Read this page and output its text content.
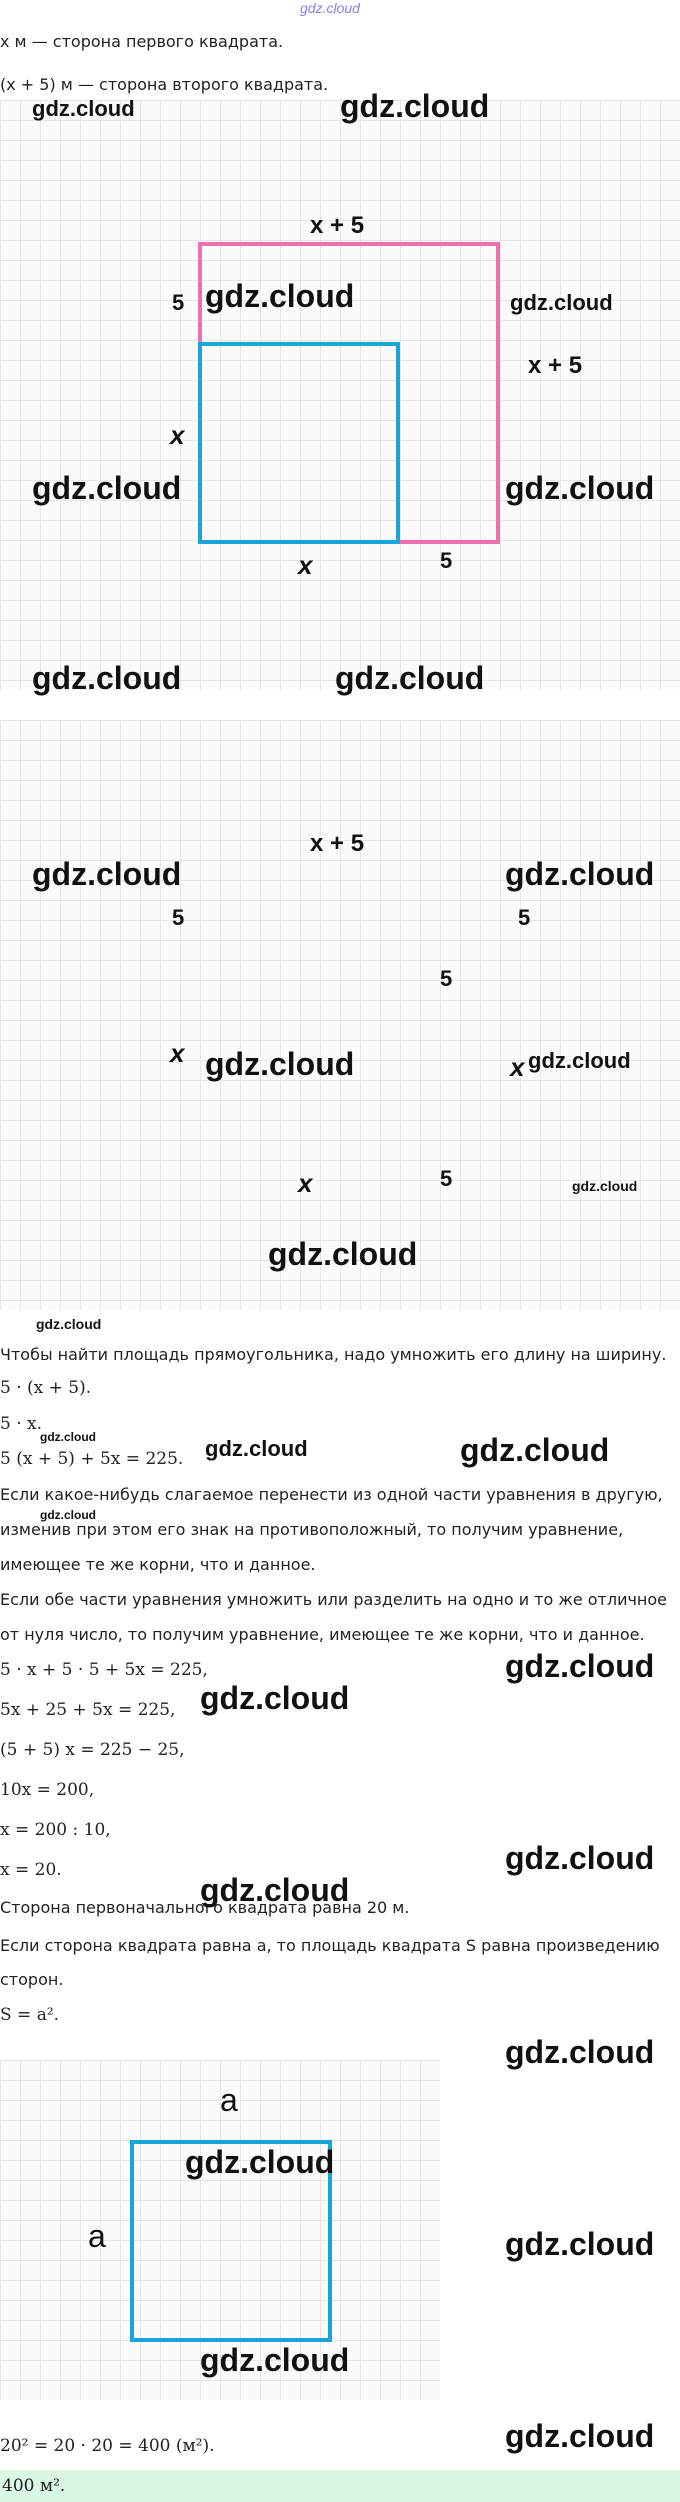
gdz.cloud
x м — сторона первого квадрата.
(x + 5) м — сторона второго квадрата.
x + 5
x + 5
5
x
x	5
x + 5
5	5
5
x	x
x	5
Чтобы найти площадь прямоугольника, надо умножить его длину на ширину.
5 · (x + 5).
5 · x.
5 (x + 5) + 5x = 225.
Если какое-нибудь слагаемое перенести из одной части уравнения в другую,
изменив при этом его знак на противоположный, то получим уравнение,
имеющее те же корни, что и данное.
Если обе части уравнения умножить или разделить на одно и то же отличное
от нуля число, то получим уравнение, имеющее те же корни, что и данное.
5 · x + 5 · 5 + 5x = 225,
5x + 25 + 5x = 225,
(5 + 5) x = 225 − 25,
10x = 200,
x = 200 : 10,
x = 20.
Сторона первоначального квадрата равна 20 м.
Если сторона квадрата равна a, то площадь квадрата S равна произведению
сторон.
S = a².
a
a
20² = 20 · 20 = 400 (м²).
400 м².
gdz.cloud	gdz.cloud
gdz.cloud	gdz.cloud
gdz.cloud	gdz.cloud
gdz.cloud	gdz.cloud
gdz.cloud	gdz.cloud
gdz.cloud	gdz.cloud
gdz.cloud
gdz.cloud
gdz.cloud
gdz.cloud
gdz.cloud
gdz.cloud	gdz.cloud
gdz.cloud
gdz.cloud
gdz.cloud
gdz.cloud
gdz.cloud
gdz.cloud
gdz.cloud
gdz.cloud
gdz.cloud
